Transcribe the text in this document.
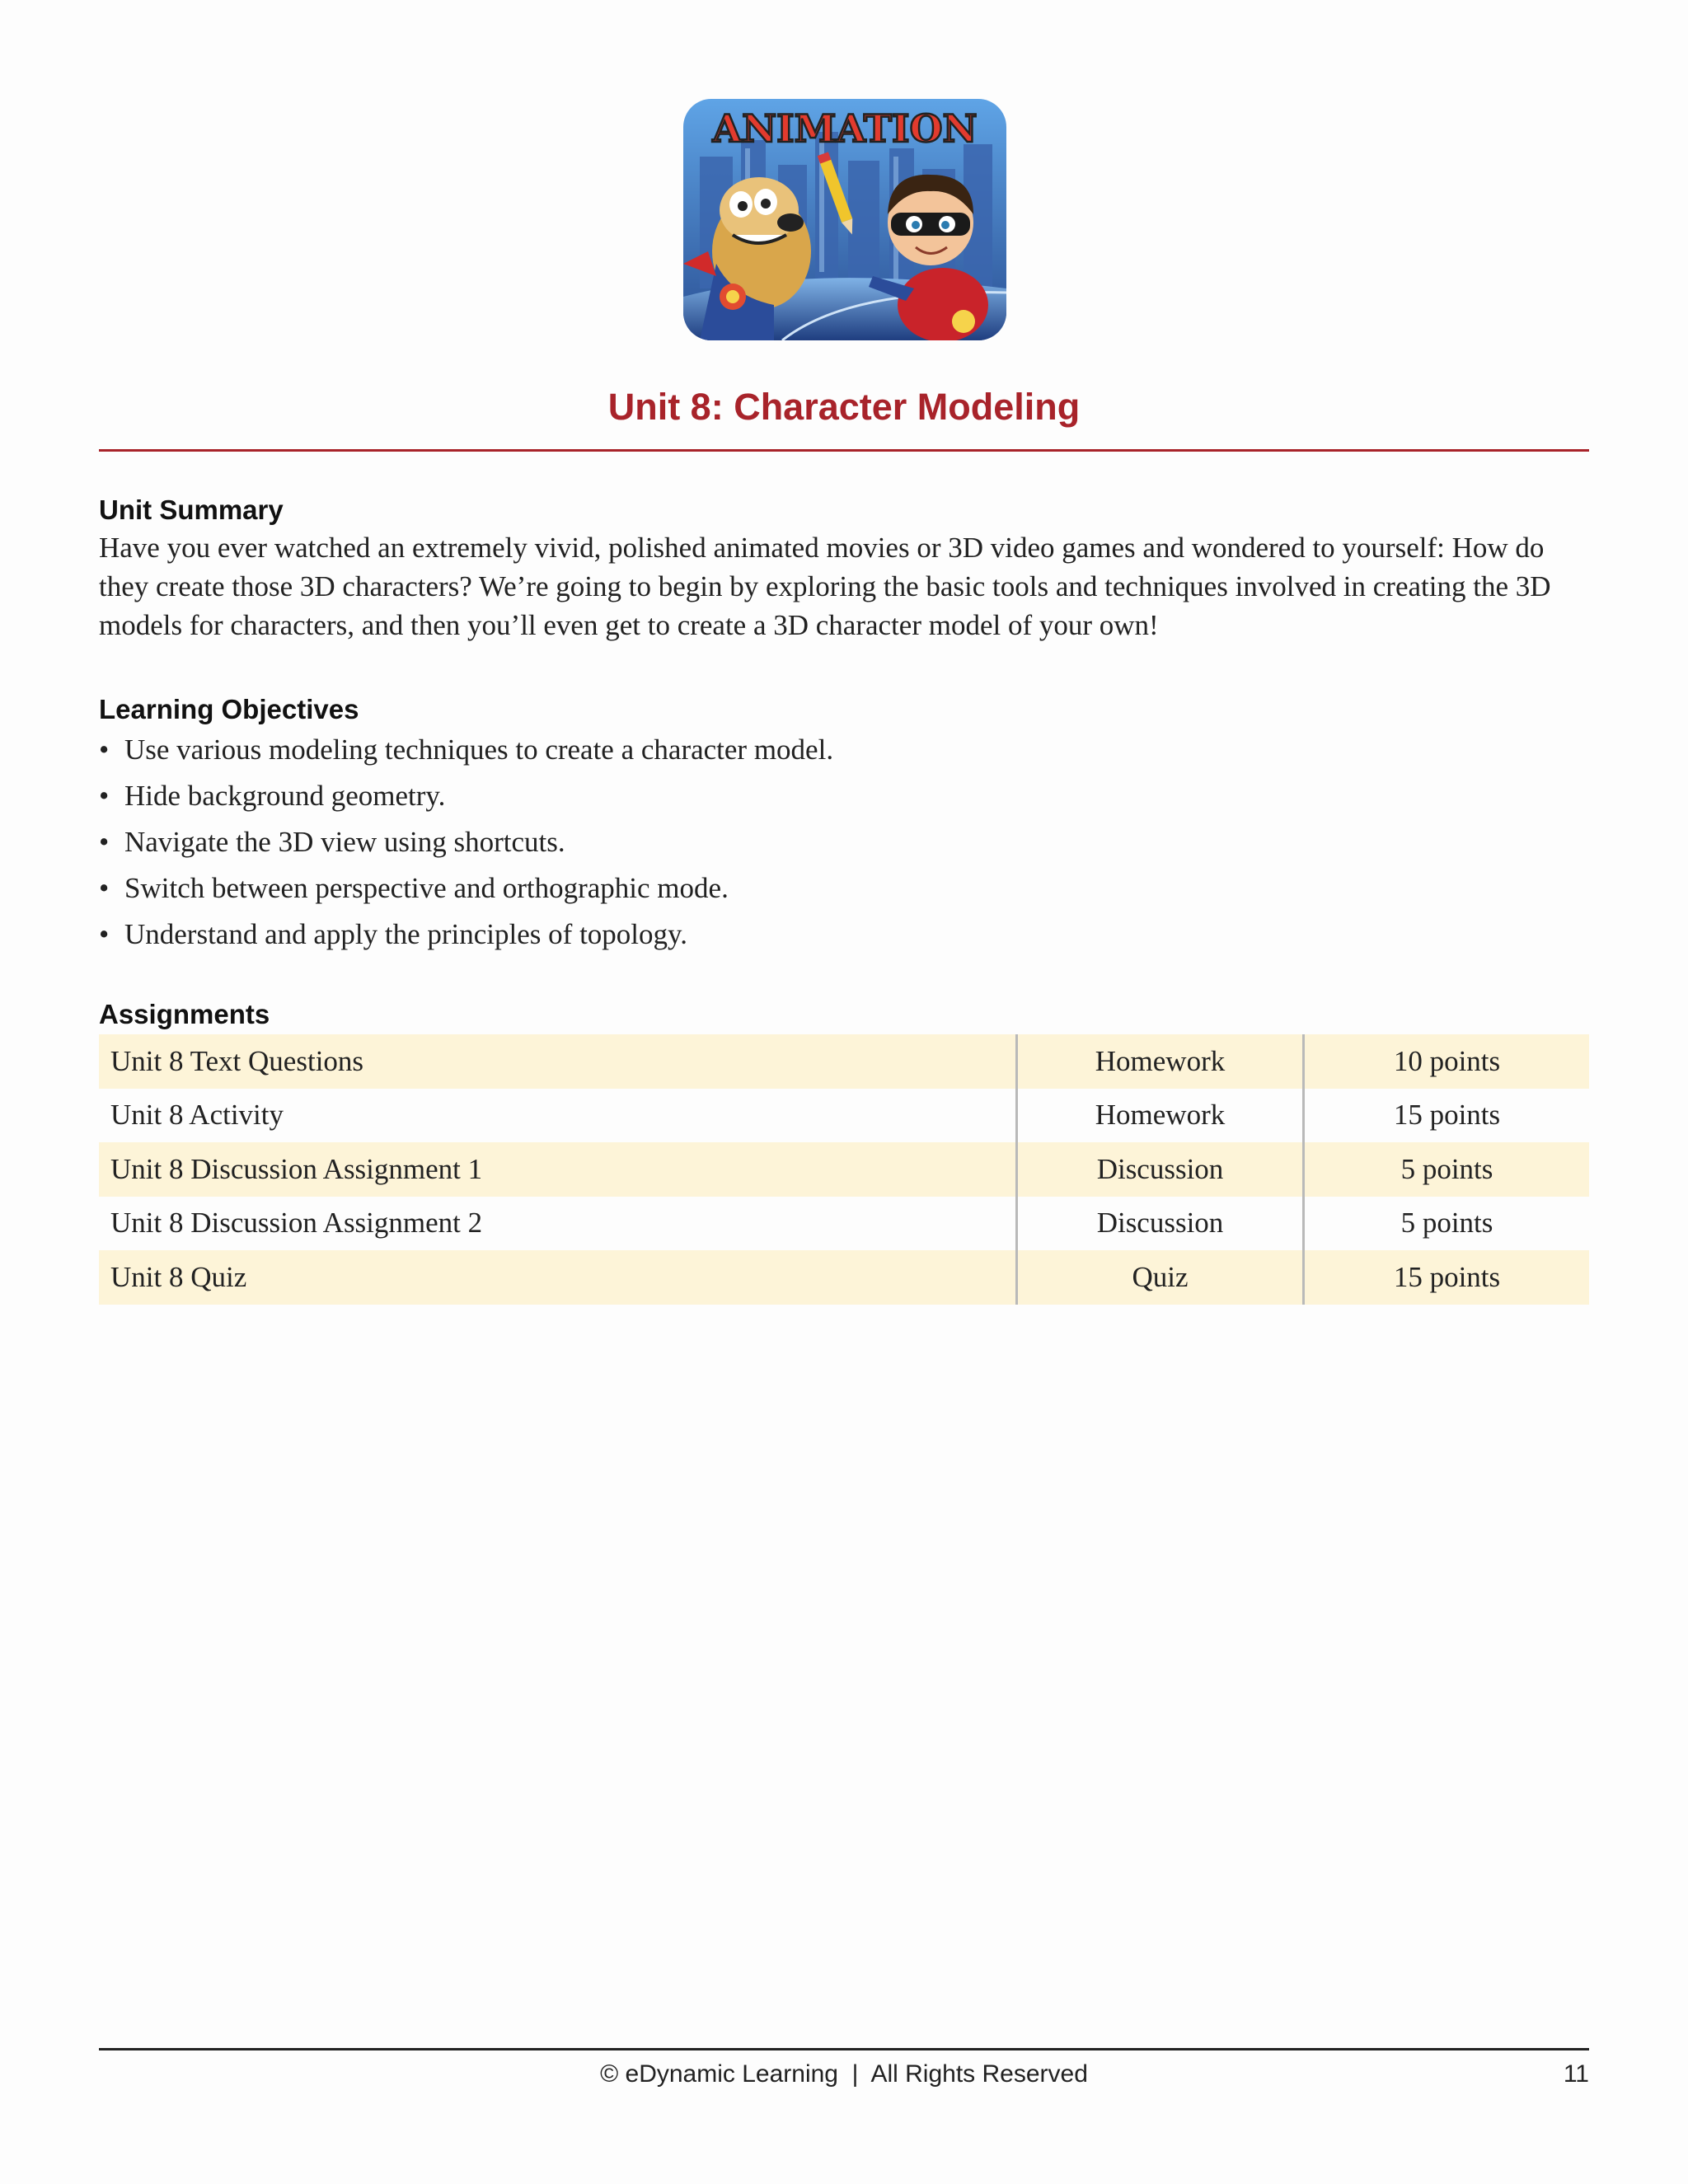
ANIMATION
Unit 8: Character Modeling
Unit Summary
Have you ever watched an extremely vivid, polished animated movies or 3D video games and wondered to yourself: How do they create those 3D characters? We’re going to begin by exploring the basic tools and techniques involved in creating the 3D models for characters, and then you’ll even get to create a 3D character model of your own!
Learning Objectives
• Use various modeling techniques to create a character model.
• Hide background geometry.
• Navigate the 3D view using shortcuts.
• Switch between perspective and orthographic mode.
• Understand and apply the principles of topology.
Assignments
Unit 8 Text Questions	Homework	10 points
Unit 8 Activity	Homework	15 points
Unit 8 Discussion Assignment 1	Discussion	5 points
Unit 8 Discussion Assignment 2	Discussion	5 points
Unit 8 Quiz	Quiz	15 points
© eDynamic Learning  |  All Rights Reserved	11
